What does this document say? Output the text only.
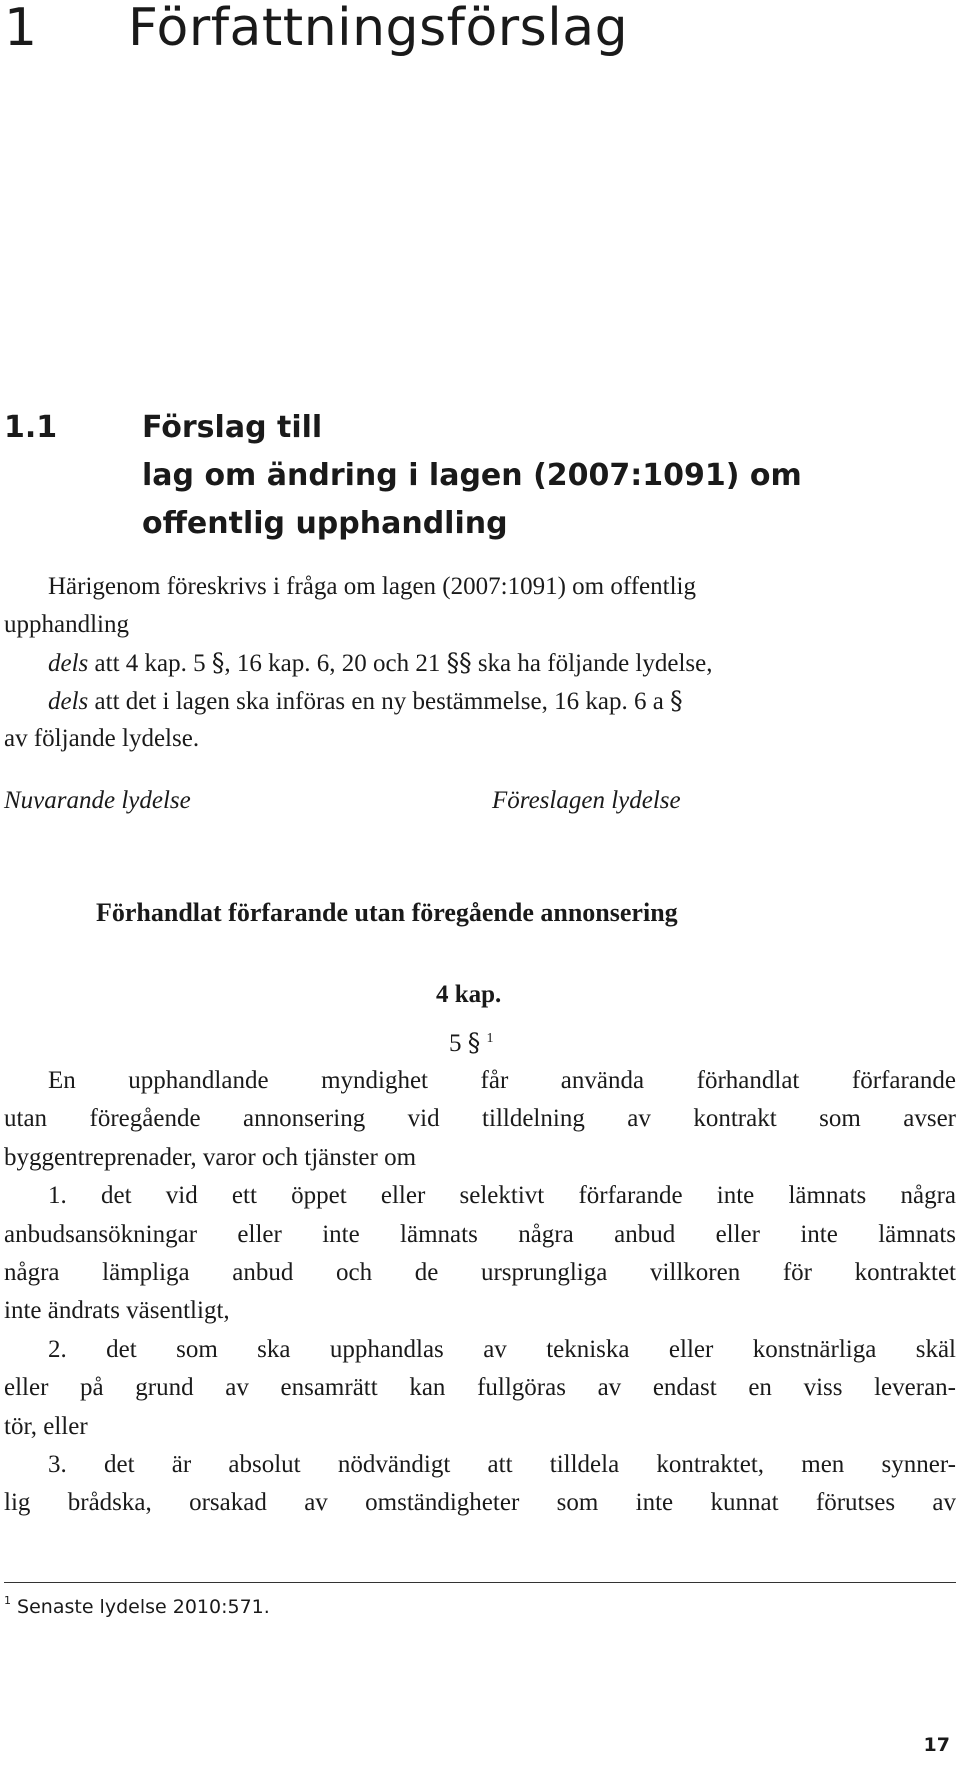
1 Författningsförslag
1.1	Förslag till
lag om ändring i lagen (2007:1091) om
offentlig upphandling
Härigenom föreskrivs i fråga om lagen (2007:1091) om offentlig
upphandling
dels att 4 kap. 5 §, 16 kap. 6, 20 och 21 §§ ska ha följande lydelse,
dels att det i lagen ska införas en ny bestämmelse, 16 kap. 6 a §
av följande lydelse.
Nuvarande lydelse	Föreslagen lydelse
Förhandlat förfarande utan föregående annonsering
4 kap.
5 § $^1$
En upphandlande myndighet får använda förhandlat förfarande
utan föregående annonsering vid tilldelning av kontrakt som avser
byggentreprenader, varor och tjänster om
1. det vid ett öppet eller selektivt förfarande inte lämnats några
anbudsansökningar eller inte lämnats några anbud eller inte lämnats
några lämpliga anbud och de ursprungliga villkoren för kontraktet
inte ändrats väsentligt,
2. det som ska upphandlas av tekniska eller konstnärliga skäl
eller på grund av ensamrätt kan fullgöras av endast en viss leveran-
tör, eller
3. det är absolut nödvändigt att tilldela kontraktet, men synner-
lig brådska, orsakad av omständigheter som inte kunnat förutses av
$^1$ Senaste lydelse 2010:571.
17
